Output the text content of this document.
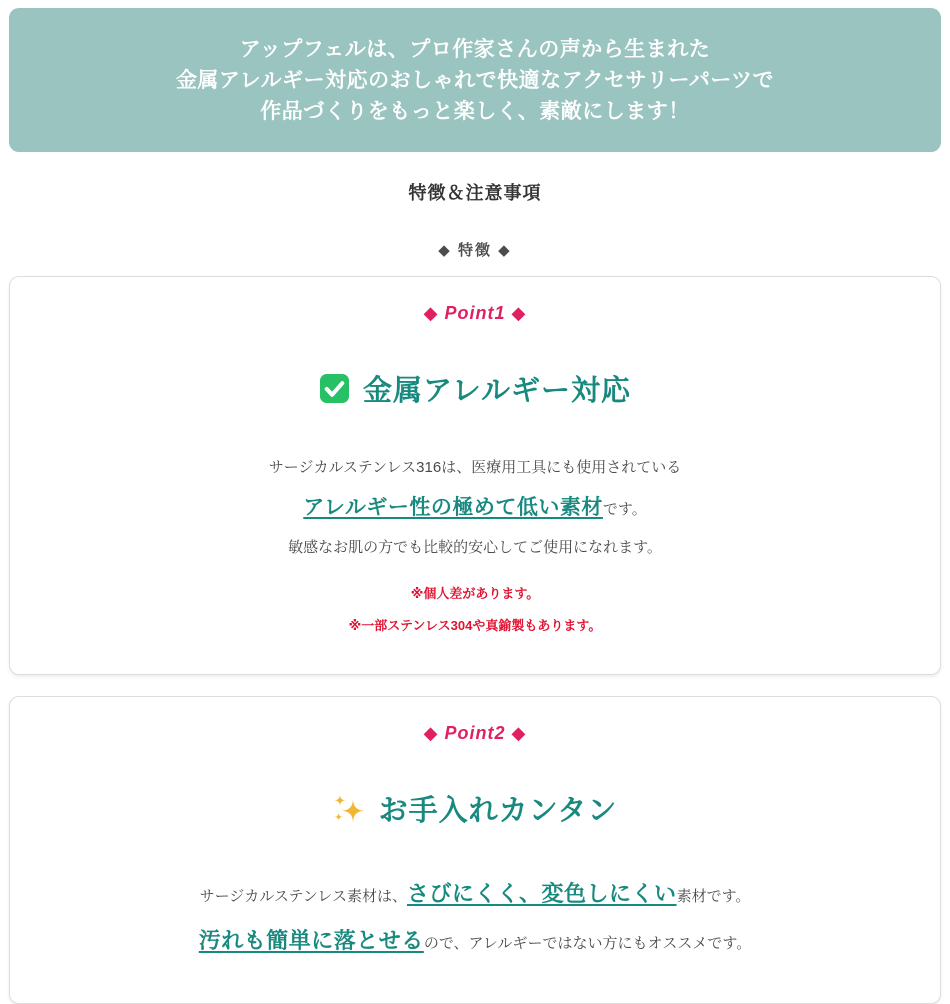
アップフェルは、プロ作家さんの声から生まれた
金属アレルギー対応のおしゃれで快適なアクセサリーパーツで
作品づくりをもっと楽しく、素敵にします！
特徴＆注意事項
◆ 特徴 ◆
◆ Point1 ◆
金属アレルギー対応

サージカルステンレス316は、医療用工具にも使用されている

アレルギー性の極めて低い素材です。

敏感なお肌の方でも比較的安心してご使用になれます。

※個人差があります。

※一部ステンレス304や真鍮製もあります。

◆ Point2 ◆
お手入れカンタン

サージカルステンレス素材は、さびにくく、変色しにくい素材です。

汚れも簡単に落とせるので、アレルギーではない方にもオススメです。
